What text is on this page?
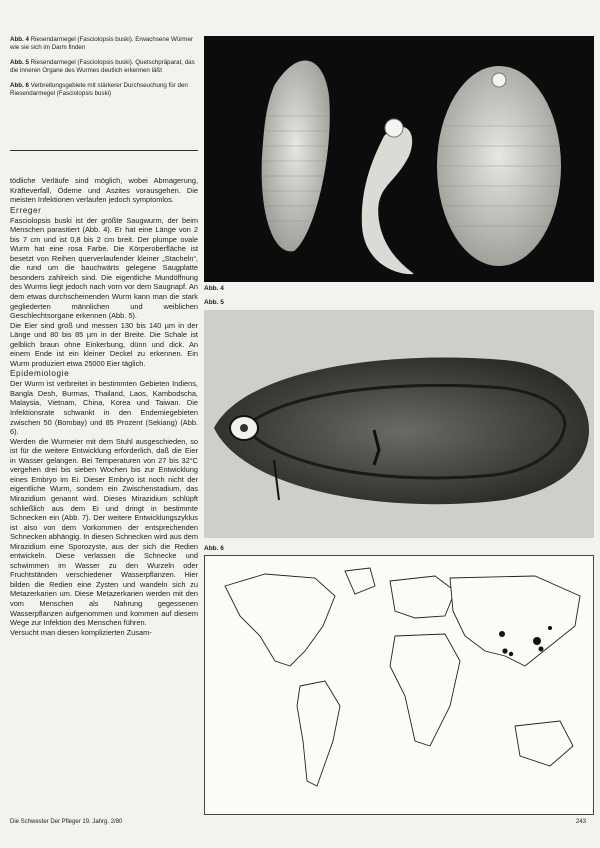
Abb. 4 Riesendarmegel (Fasciolopsis buski). Erwachsene Würmer wie sie sich im Darm finden

Abb. 5 Riesendarmegel (Fasciolopsis buski). Quetschpräparat, das die inneren Organe des Wurmes deutlich erkennen läßt

Abb. 6 Verbreitungsgebiete mit stärkerer Durchseuchung für den Riesendarmegel (Fasciolopsis buski)

tödliche Verläufe sind möglich, wobei Abmagerung, Kräfteverfall, Ödeme und Aszites vorausgehen. Die meisten Infektionen verlaufen jedoch symptomlos.

Erreger

Fasciolopsis buski ist der größte Saugwurm, der beim Menschen parasitiert (Abb. 4). Er hat eine Länge von 2 bis 7 cm und ist 0,8 bis 2 cm breit. Der plumpe ovale Wurm hat eine rosa Farbe. Die Körperoberfläche ist besetzt von Reihen querverlaufender kleiner „Stacheln“, die rund um die bauchwärts gelegene Saugplatte besonders zahlreich sind. Die eigentliche Mundöffnung des Wurms liegt jedoch nach vorn vor dem Saugnapf. An dem etwas durchscheinenden Wurm kann man die stark gegliederten männlichen und weiblichen Geschlechtsorgane erkennen (Abb. 5).

Die Eier sind groß und messen 130 bis 140 µm in der Länge und 80 bis 85 µm in der Breite. Die Schale ist gelblich braun ohne Einkerbung, dünn und dick. An einem Ende ist ein kleiner Deckel zu erkennen. Ein Wurm produziert etwa 25000 Eier täglich.

Epidemiologie

Der Wurm ist verbreitet in bestimmten Gebieten Indiens, Bangla Desh, Burmas, Thailand, Laos, Kambodscha, Malaysia, Vietnam, China, Korea und Taiwan. Die Infektionsrate schwankt in den Endemiegebieten zwischen 50 (Bombay) und 85 Prozent (Sekiang) (Abb. 6).

Werden die Wurmeier mit dem Stuhl ausgeschieden, so ist für die weitere Entwicklung erforderlich, daß die Eier in Wasser gelangen. Bei Temperaturen von 27 bis 32°C vergehen drei bis sieben Wochen bis zur Entwicklung eines Embryo im Ei. Dieser Embryo ist noch nicht der eigentliche Wurm, sondern ein Zwischenstadium, das Mirazidium genannt wird. Dieses Mirazidium schlüpft schließlich aus dem Ei und dringt in bestimmte Schnecken ein (Abb. 7). Der weitere Entwicklungszyklus ist also von dem Vorkommen der entsprechenden Schnecken abhängig. In diesen Schnecken wird aus dem Mirazidium eine Sporozyste, aus der sich die Redien entwickeln. Diese verlassen die Schnecke und schwimmen im Wasser zu den Wurzeln oder Fruchtständen verschiedener Wasserpflanzen. Hier bilden die Redien eine Zysten und wandeln sich zu Metazerkarien um. Diese Metazerkarien werden mit den vom Menschen als Nahrung gegessenen Wasserpflanzen aufgenommen und kommen auf diesem Wege zur Infektion des Menschen führen.

Versucht man diesen komplizierten Zusam-

Abb. 4
Abb. 5
Abb. 6
Die Schwester Der Pfleger 19. Jahrg. 2/80	243
